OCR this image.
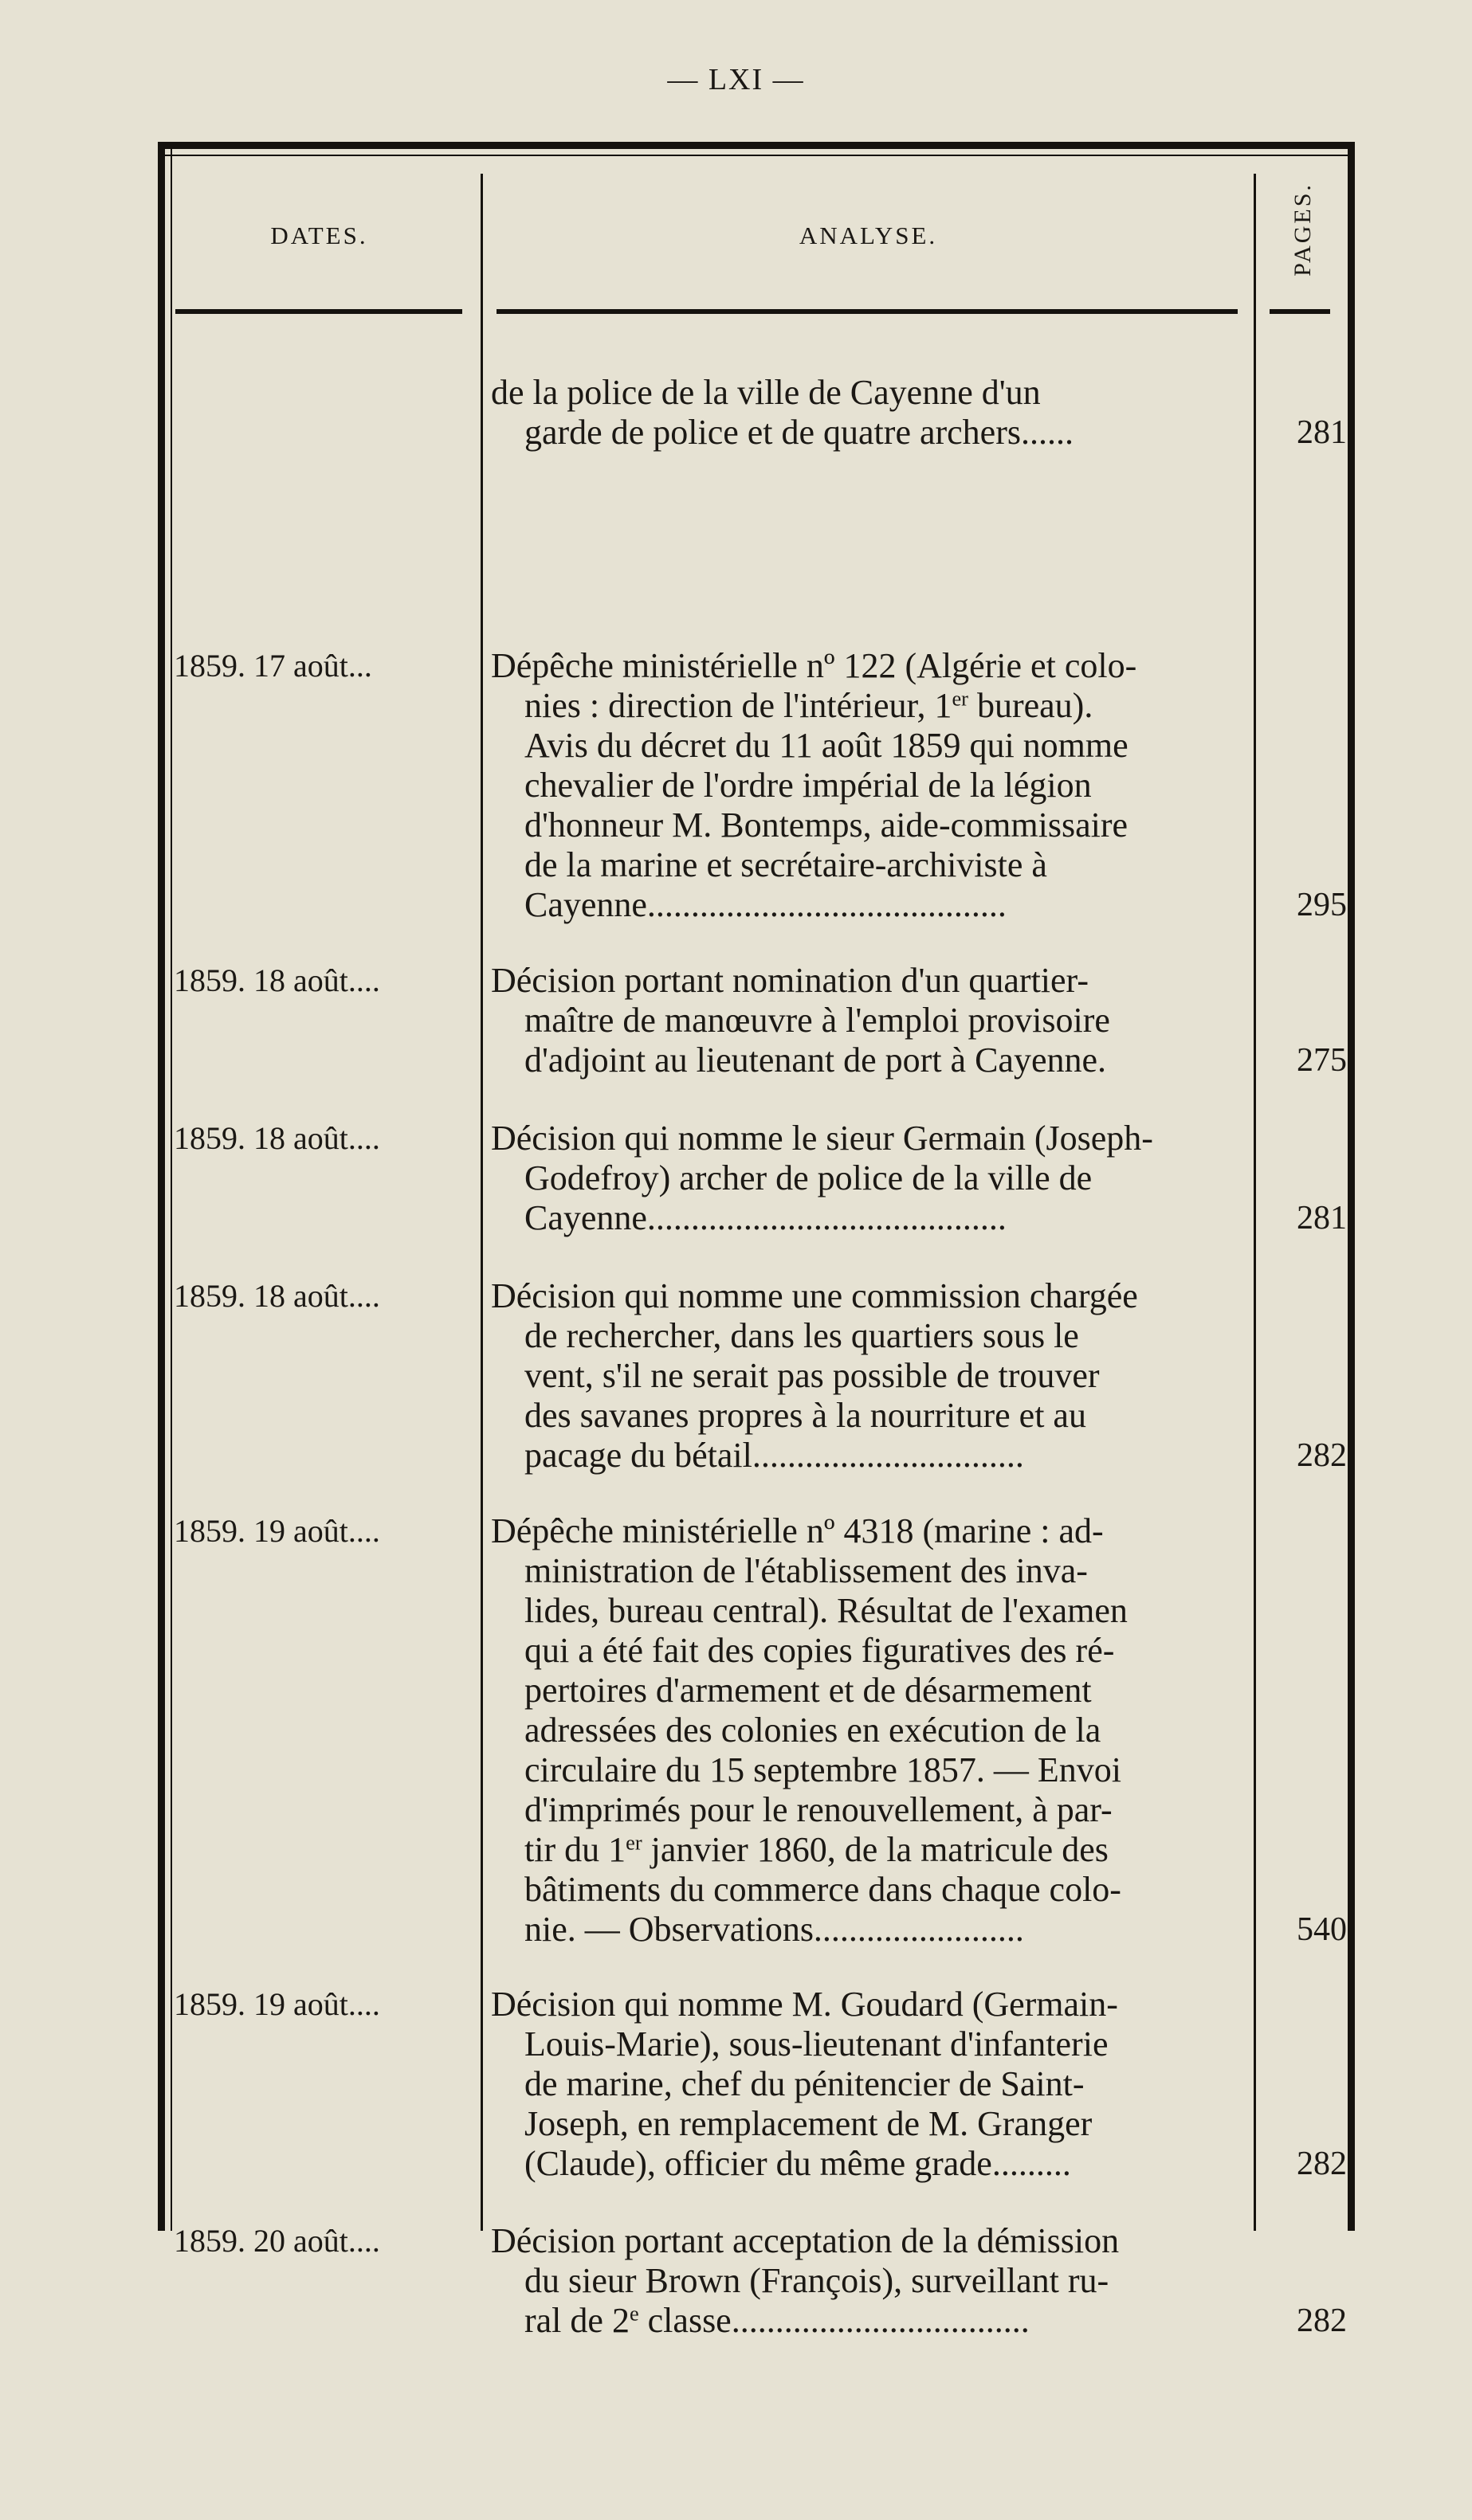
— LXI —
DATES.	ANALYSE.	PAGES.
de la police de la ville de Cayenne d'un
garde de police et de quatre archers......	281
1859. 17 août...	Dépêche ministérielle nº 122 (Algérie et colo-
nies : direction de l'intérieur, 1er bureau).
Avis du décret du 11 août 1859 qui nomme
chevalier de l'ordre impérial de la légion
d'honneur M. Bontemps, aide-commissaire
de la marine et secrétaire-archiviste à
Cayenne.........................................	295
1859. 18 août....	Décision portant nomination d'un quartier-
maître de manœuvre à l'emploi provisoire
d'adjoint au lieutenant de port à Cayenne.	275
1859. 18 août....	Décision qui nomme le sieur Germain (Joseph-
Godefroy) archer de police de la ville de
Cayenne.........................................	281
1859. 18 août....	Décision qui nomme une commission chargée
de rechercher, dans les quartiers sous le
vent, s'il ne serait pas possible de trouver
des savanes propres à la nourriture et au
pacage du bétail...............................	282
1859. 19 août....	Dépêche ministérielle nº 4318 (marine : ad-
ministration de l'établissement des inva-
lides, bureau central). Résultat de l'examen
qui a été fait des copies figuratives des ré-
pertoires d'armement et de désarmement
adressées des colonies en exécution de la
circulaire du 15 septembre 1857. — Envoi
d'imprimés pour le renouvellement, à par-
tir du 1er janvier 1860, de la matricule des
bâtiments du commerce dans chaque colo-
nie. — Observations........................	540
1859. 19 août....	Décision qui nomme M. Goudard (Germain-
Louis-Marie), sous-lieutenant d'infanterie
de marine, chef du pénitencier de Saint-
Joseph, en remplacement de M. Granger
(Claude), officier du même grade.........	282
1859. 20 août....	Décision portant acceptation de la démission
du sieur Brown (François), surveillant ru-
ral de 2e classe..................................	282
